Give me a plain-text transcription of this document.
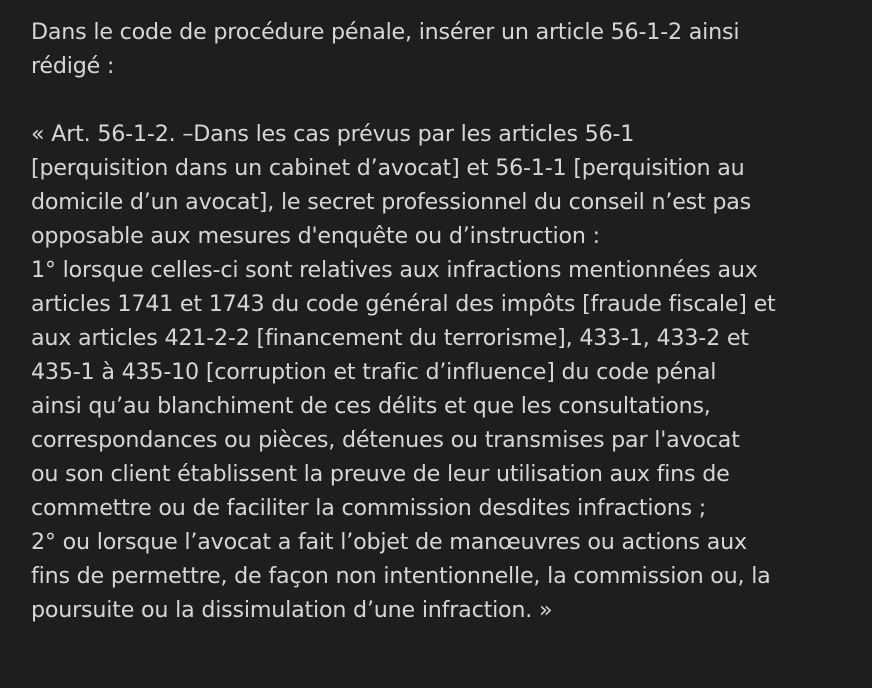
Dans le code de procédure pénale, insérer un article 56-1-2 ainsi
rédigé :
« Art. 56-1-2. –Dans les cas prévus par les articles 56-1
[perquisition dans un cabinet d’avocat] et 56-1-1 [perquisition au
domicile d’un avocat], le secret professionnel du conseil n’est pas
opposable aux mesures d'enquête ou d’instruction :
1° lorsque celles-ci sont relatives aux infractions mentionnées aux
articles 1741 et 1743 du code général des impôts [fraude fiscale] et
aux articles 421-2-2 [financement du terrorisme], 433-1, 433-2 et
435-1 à 435-10 [corruption et trafic d’influence] du code pénal
ainsi qu’au blanchiment de ces délits et que les consultations,
correspondances ou pièces, détenues ou transmises par l'avocat
ou son client établissent la preuve de leur utilisation aux fins de
commettre ou de faciliter la commission desdites infractions ;
2° ou lorsque l’avocat a fait l’objet de manœuvres ou actions aux
fins de permettre, de façon non intentionnelle, la commission ou, la
poursuite ou la dissimulation d’une infraction. »
